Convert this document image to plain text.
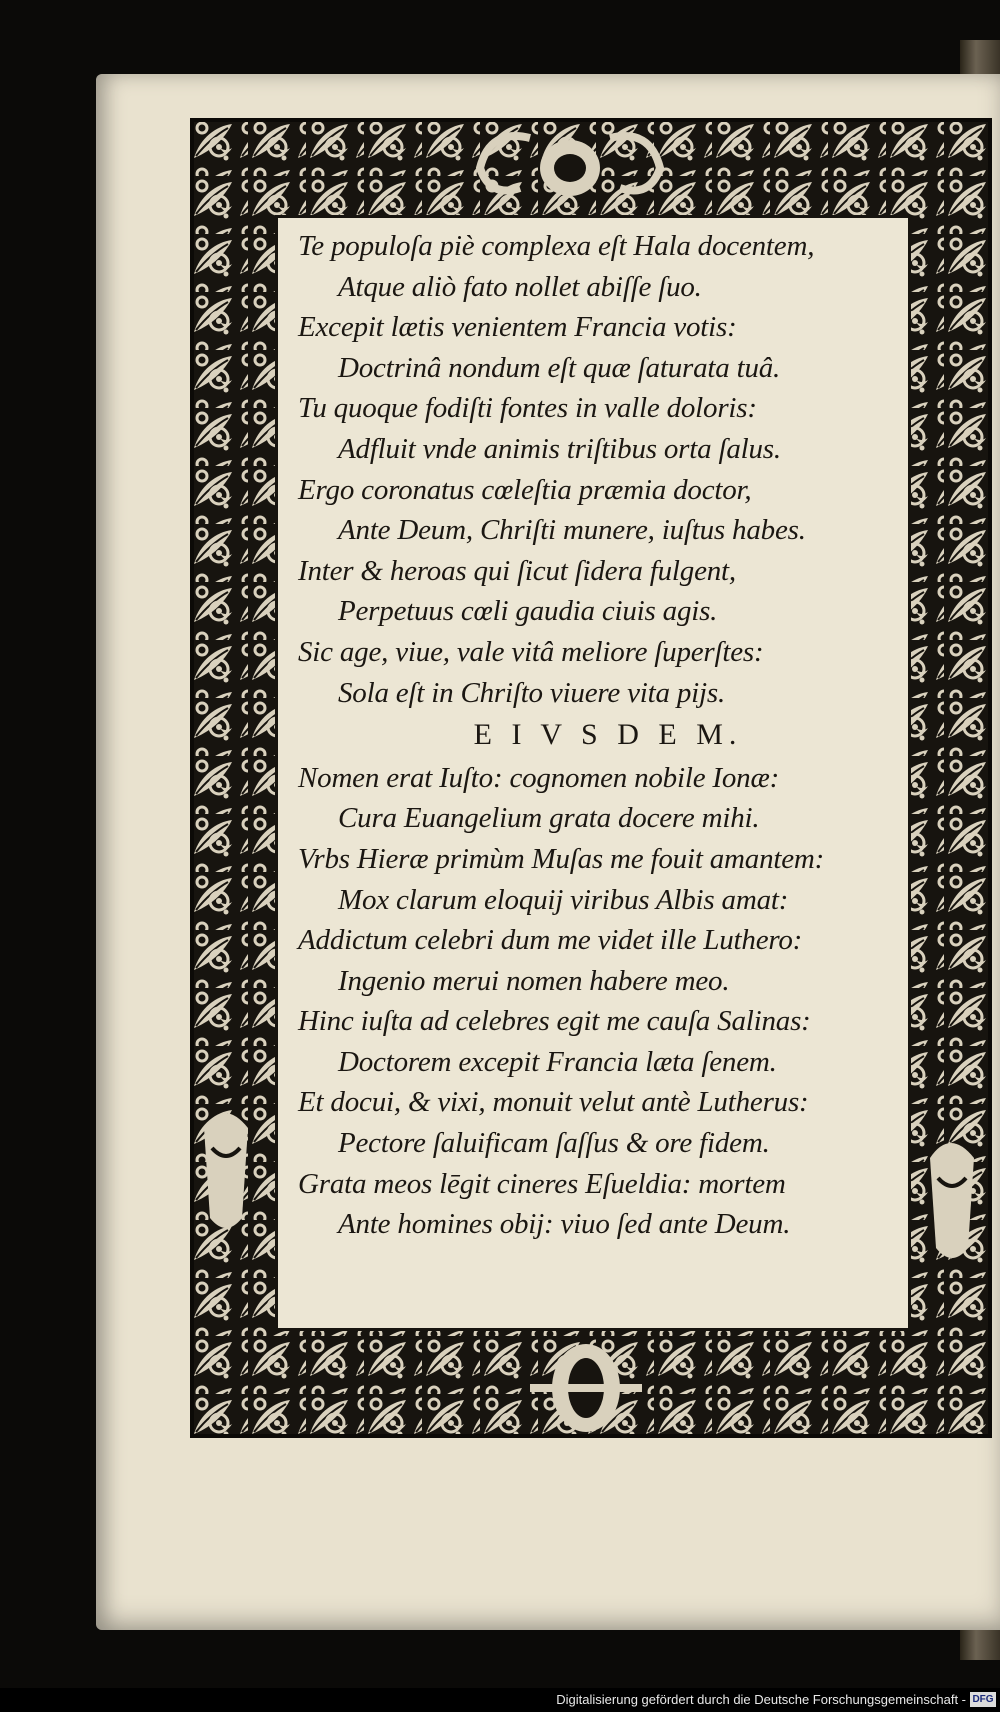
Te populoſa piè complexa eſt Hala docentem,
Atque aliò fato nollet abiſſe ſuo.
Excepit lætis venientem Francia votis:
Doctrinâ nondum eſt quæ ſaturata tuâ.
Tu quoque fodiſti fontes in valle doloris:
Adfluit vnde animis triſtibus orta ſalus.
Ergo coronatus cœleſtia præmia doctor,
Ante Deum, Chriſti munere, iuſtus habes.
Inter & heroas qui ſicut ſidera fulgent,
Perpetuus cœli gaudia ciuis agis.
Sic age, viue, vale vitâ meliore ſuperſtes:
Sola eſt in Chriſto viuere vita pijs.
E I V S D E M.
Nomen erat Iuſto: cognomen nobile Ionæ:
Cura Euangelium grata docere mihi.
Vrbs Hieræ primùm Muſas me fouit amantem:
Mox clarum eloquij viribus Albis amat:
Addictum celebri dum me videt ille Luthero:
Ingenio merui nomen habere meo.
Hinc iuſta ad celebres egit me cauſa Salinas:
Doctorem excepit Francia læta ſenem.
Et docui, & vixi, monuit velut antè Lutherus:
Pectore ſaluificam ſaſſus & ore fidem.
Grata meos lēgit cineres Eſueldia: mortem
Ante homines obij: viuo ſed ante Deum.
Digitalisierung gefördert durch die Deutsche Forschungsgemeinschaft - DFG
